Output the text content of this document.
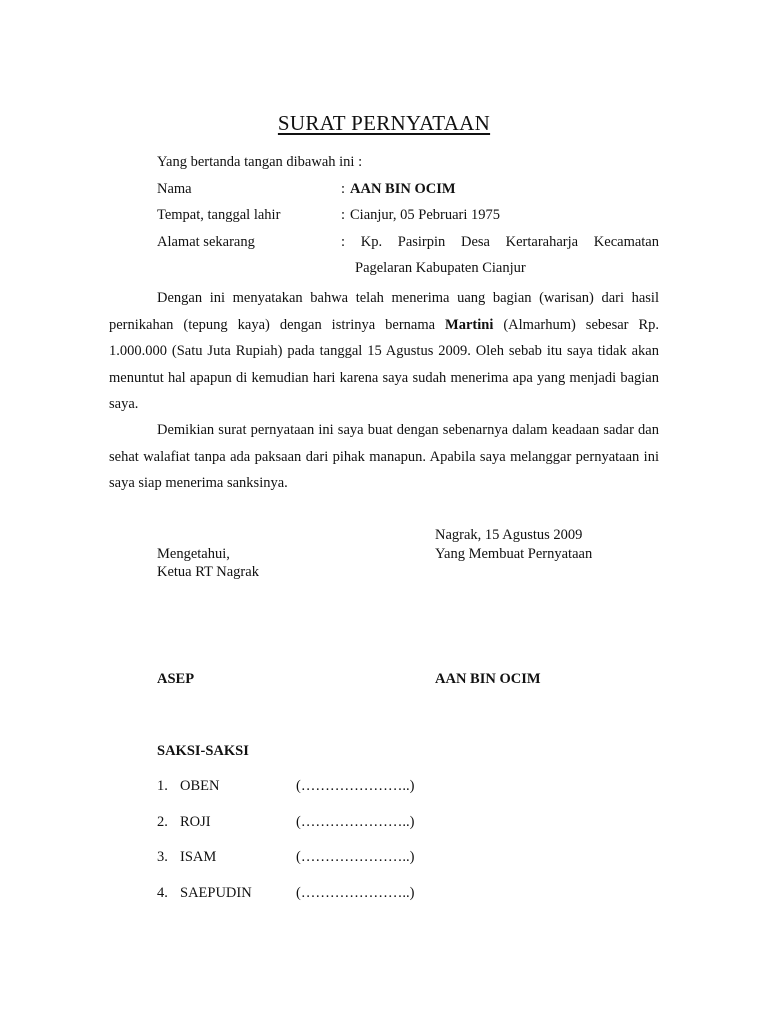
SURAT PERNYATAAN
Yang bertanda tangan dibawah ini :
Nama	: AAN BIN OCIM
Tempat, tanggal lahir	: Cianjur, 05 Pebruari 1975
Alamat sekarang	: Kp. Pasirpin Desa Kertaraharja Kecamatan
Pagelaran Kabupaten Cianjur
Dengan ini menyatakan bahwa telah menerima uang bagian (warisan) dari hasil pernikahan (tepung kaya) dengan istrinya bernama Martini (Almarhum) sebesar Rp. 1.000.000 (Satu Juta Rupiah) pada tanggal 15 Agustus 2009. Oleh sebab itu saya tidak akan menuntut hal apapun di kemudian hari karena saya sudah menerima apa yang menjadi bagian saya.
Demikian surat pernyataan ini saya buat dengan sebenarnya dalam keadaan sadar dan sehat walafiat tanpa ada paksaan dari pihak manapun. Apabila saya melanggar pernyataan ini saya siap menerima sanksinya.
Nagrak, 15 Agustus 2009
Mengetahui,	Yang Membuat Pernyataan
Ketua RT Nagrak
ASEP	AAN BIN OCIM
SAKSI-SAKSI
1. OBEN	(…………………..)
2. ROJI	(…………………..)
3. ISAM	(…………………..)
4. SAEPUDIN	(…………………..)
